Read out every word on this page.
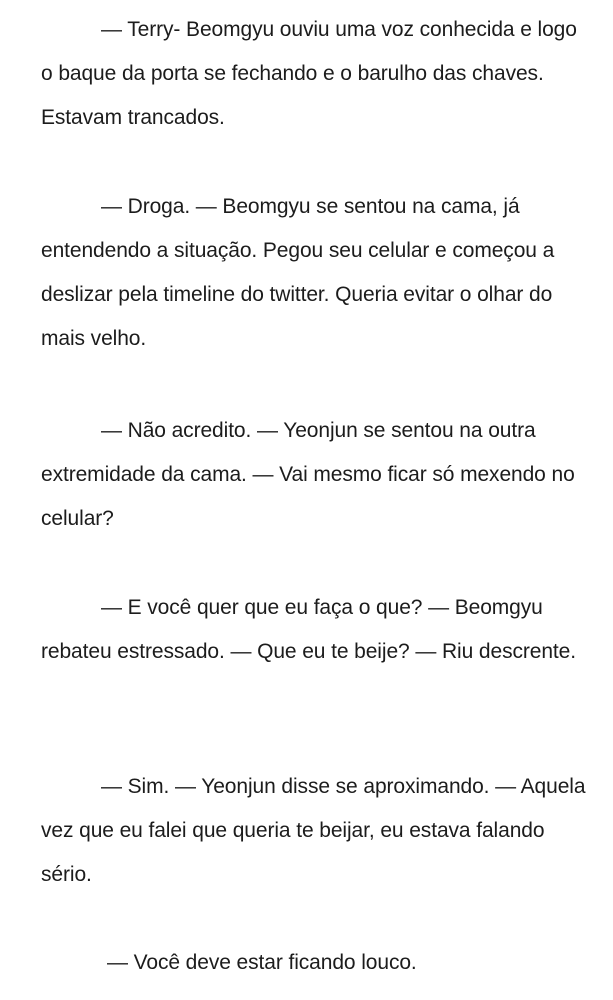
— Terry- Beomgyu ouviu uma voz conhecida e logo o baque da porta se fechando e o barulho das chaves. Estavam trancados.

— Droga. — Beomgyu se sentou na cama, já entendendo a situação. Pegou seu celular e começou a deslizar pela timeline do twitter. Queria evitar o olhar do mais velho.

— Não acredito. — Yeonjun se sentou na outra extremidade da cama. — Vai mesmo ficar só mexendo no celular?

— E você quer que eu faça o que? — Beomgyu rebateu estressado. — Que eu te beije? — Riu descrente.

— Sim. — Yeonjun disse se aproximando. — Aquela vez que eu falei que queria te beijar, eu estava falando sério.

— Você deve estar ficando louco.
